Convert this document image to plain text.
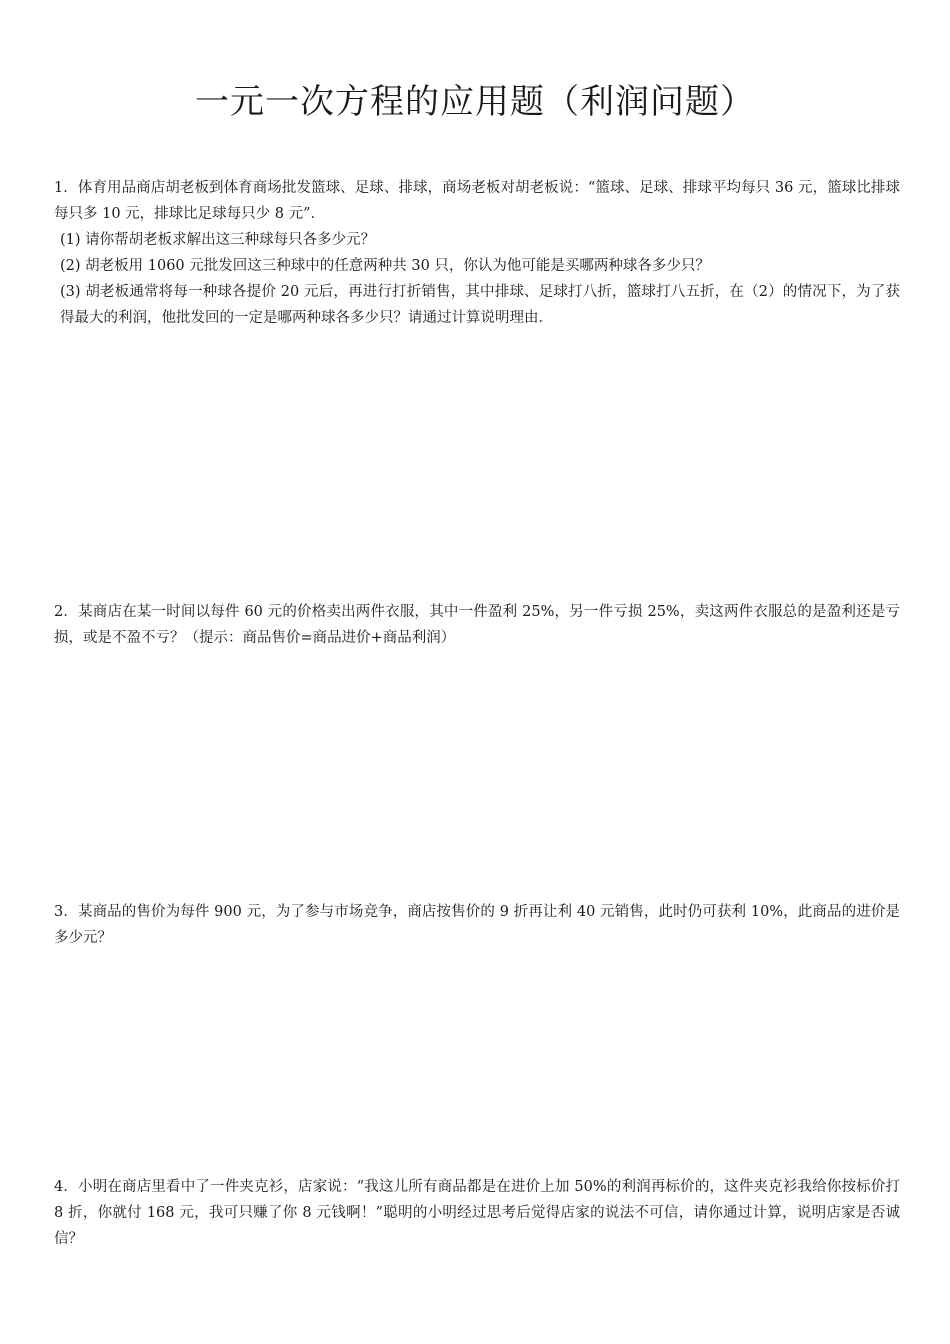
一元一次方程的应用题（利润问题）

1．体育用品商店胡老板到体育商场批发篮球、足球、排球，商场老板对胡老板说：“篮球、足球、排球平均每只 36 元，篮球比排球每只多 10 元，排球比足球每只少 8 元”．

(1) 请你帮胡老板求解出这三种球每只各多少元？

(2) 胡老板用 1060 元批发回这三种球中的任意两种共 30 只，你认为他可能是买哪两种球各多少只？

(3) 胡老板通常将每一种球各提价 20 元后，再进行打折销售，其中排球、足球打八折，篮球打八五折，在（2）的情况下，为了获得最大的利润，他批发回的一定是哪两种球各多少只？请通过计算说明理由．

2．某商店在某一时间以每件 60 元的价格卖出两件衣服，其中一件盈利 25%，另一件亏损 25%，卖这两件衣服总的是盈利还是亏损，或是不盈不亏？（提示：商品售价=商品进价+商品利润）

3．某商品的售价为每件 900 元，为了参与市场竞争，商店按售价的 9 折再让利 40 元销售，此时仍可获利 10%，此商品的进价是多少元？

4．小明在商店里看中了一件夹克衫，店家说：“我这儿所有商品都是在进价上加 50%的利润再标价的，这件夹克衫我给你按标价打 8 折，你就付 168 元，我可只赚了你 8 元钱啊！”聪明的小明经过思考后觉得店家的说法不可信，请你通过计算，说明店家是否诚信？
